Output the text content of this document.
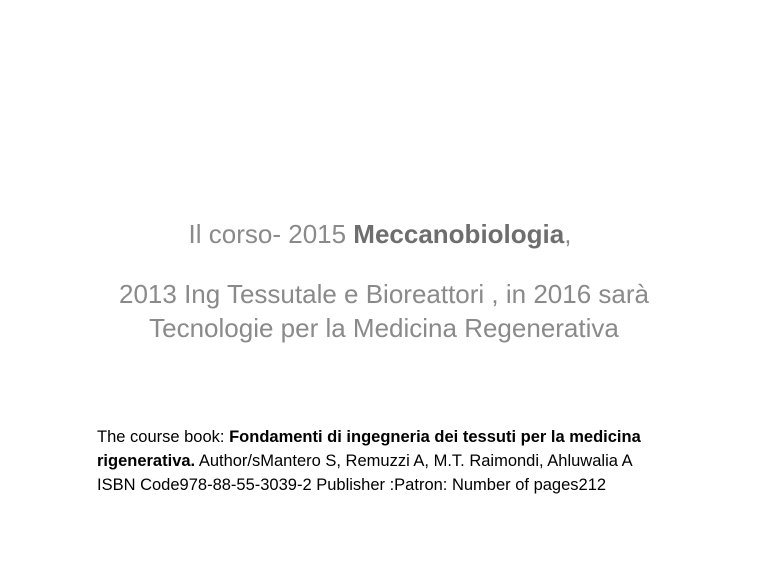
Il corso- 2015 Meccanobiologia,
2013 Ing Tessutale e Bioreattori , in 2016 sarà
Tecnologie per la Medicina Regenerativa
The course book: Fondamenti di ingegneria dei tessuti per la medicina rigenerativa. Author/sMantero S, Remuzzi A, M.T. Raimondi, Ahluwalia A ISBN Code978-88-55-3039-2 Publisher :Patron: Number of pages212
